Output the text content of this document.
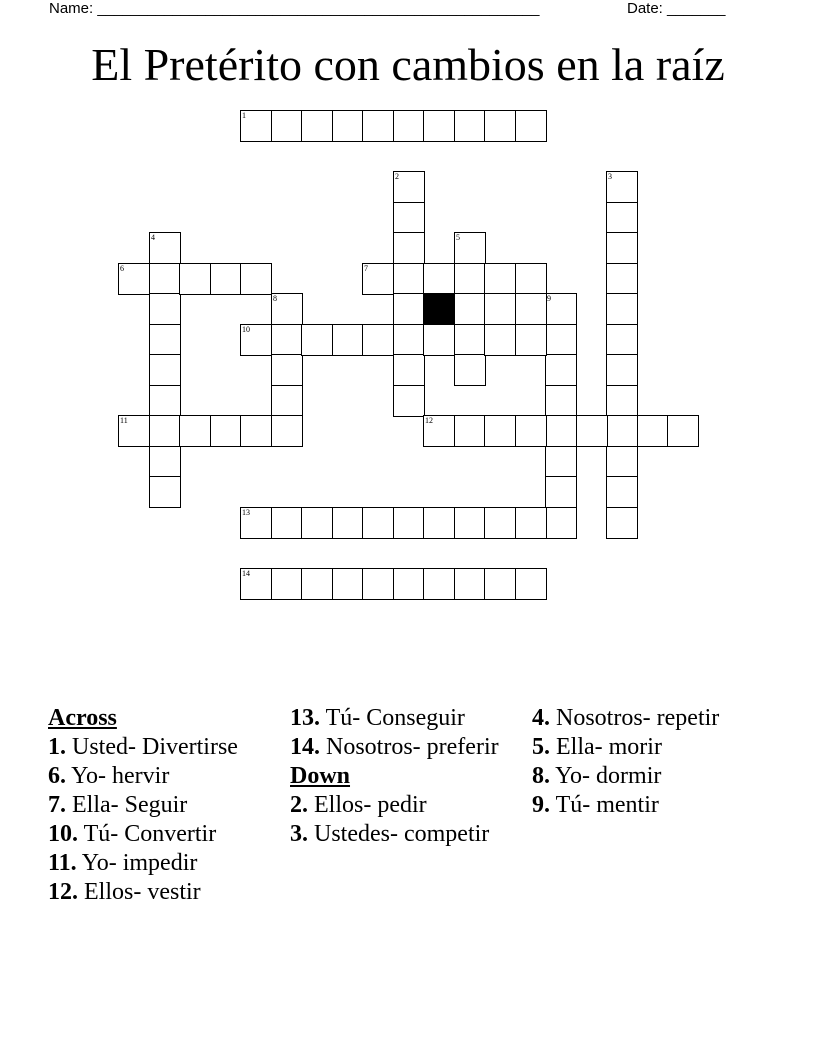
Name: _____________________________________________________	Date: _______
El Pretérito con cambios en la raíz
1
2	3
4	5
6	7
8	9
10
11	12
13
14
Across
1. Usted- Divertirse
6. Yo- hervir
7. Ella- Seguir
10. Tú- Convertir
11. Yo- impedir
12. Ellos- vestir
13. Tú- Conseguir
14. Nosotros- preferir
Down
2. Ellos- pedir
3. Ustedes- competir
4. Nosotros- repetir
5. Ella- morir
8. Yo- dormir
9. Tú- mentir
